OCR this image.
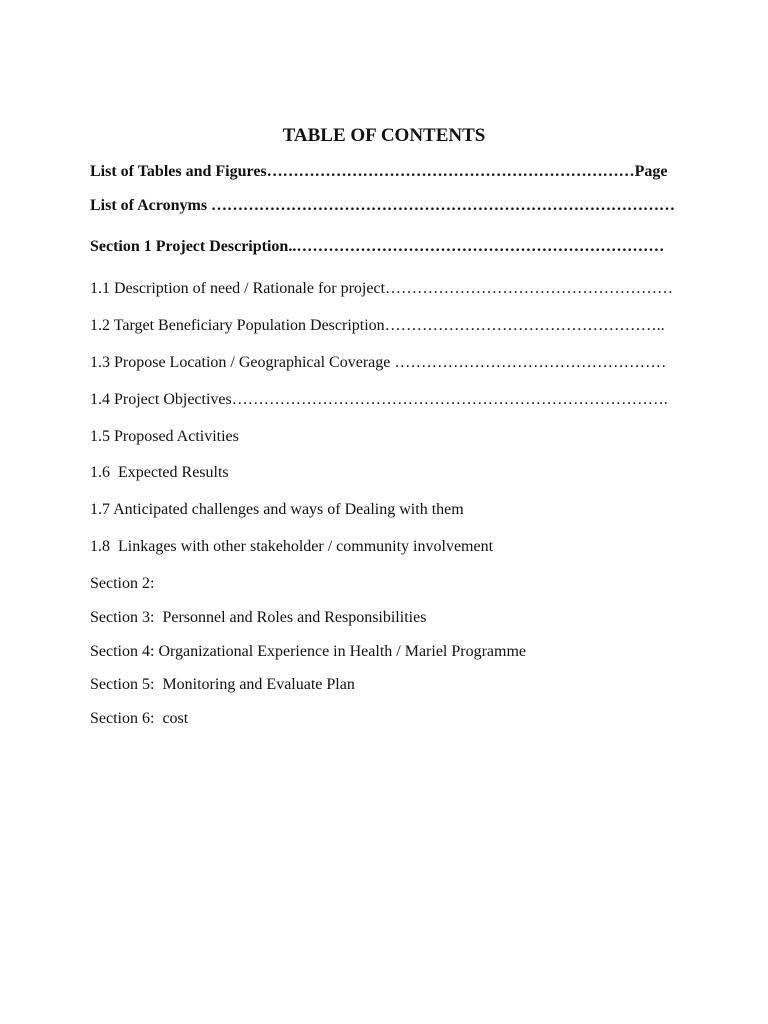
TABLE OF CONTENTS
List of Tables and Figures……………………………………………………………Page
List of Acronyms ……………………………………………………………………………
Section 1 Project Description..……………………………………………………………
1.1 Description of need / Rationale for project………………………………………………
1.2 Target Beneficiary Population Description……………………………………………..
1.3 Propose Location / Geographical Coverage ……………………………………………
1.4 Project Objectives……………………………………………………………………….
1.5 Proposed Activities
1.6  Expected Results
1.7 Anticipated challenges and ways of Dealing with them
1.8  Linkages with other stakeholder / community involvement
Section 2:
Section 3:  Personnel and Roles and Responsibilities
Section 4: Organizational Experience in Health / Mariel Programme
Section 5:  Monitoring and Evaluate Plan
Section 6:  cost
